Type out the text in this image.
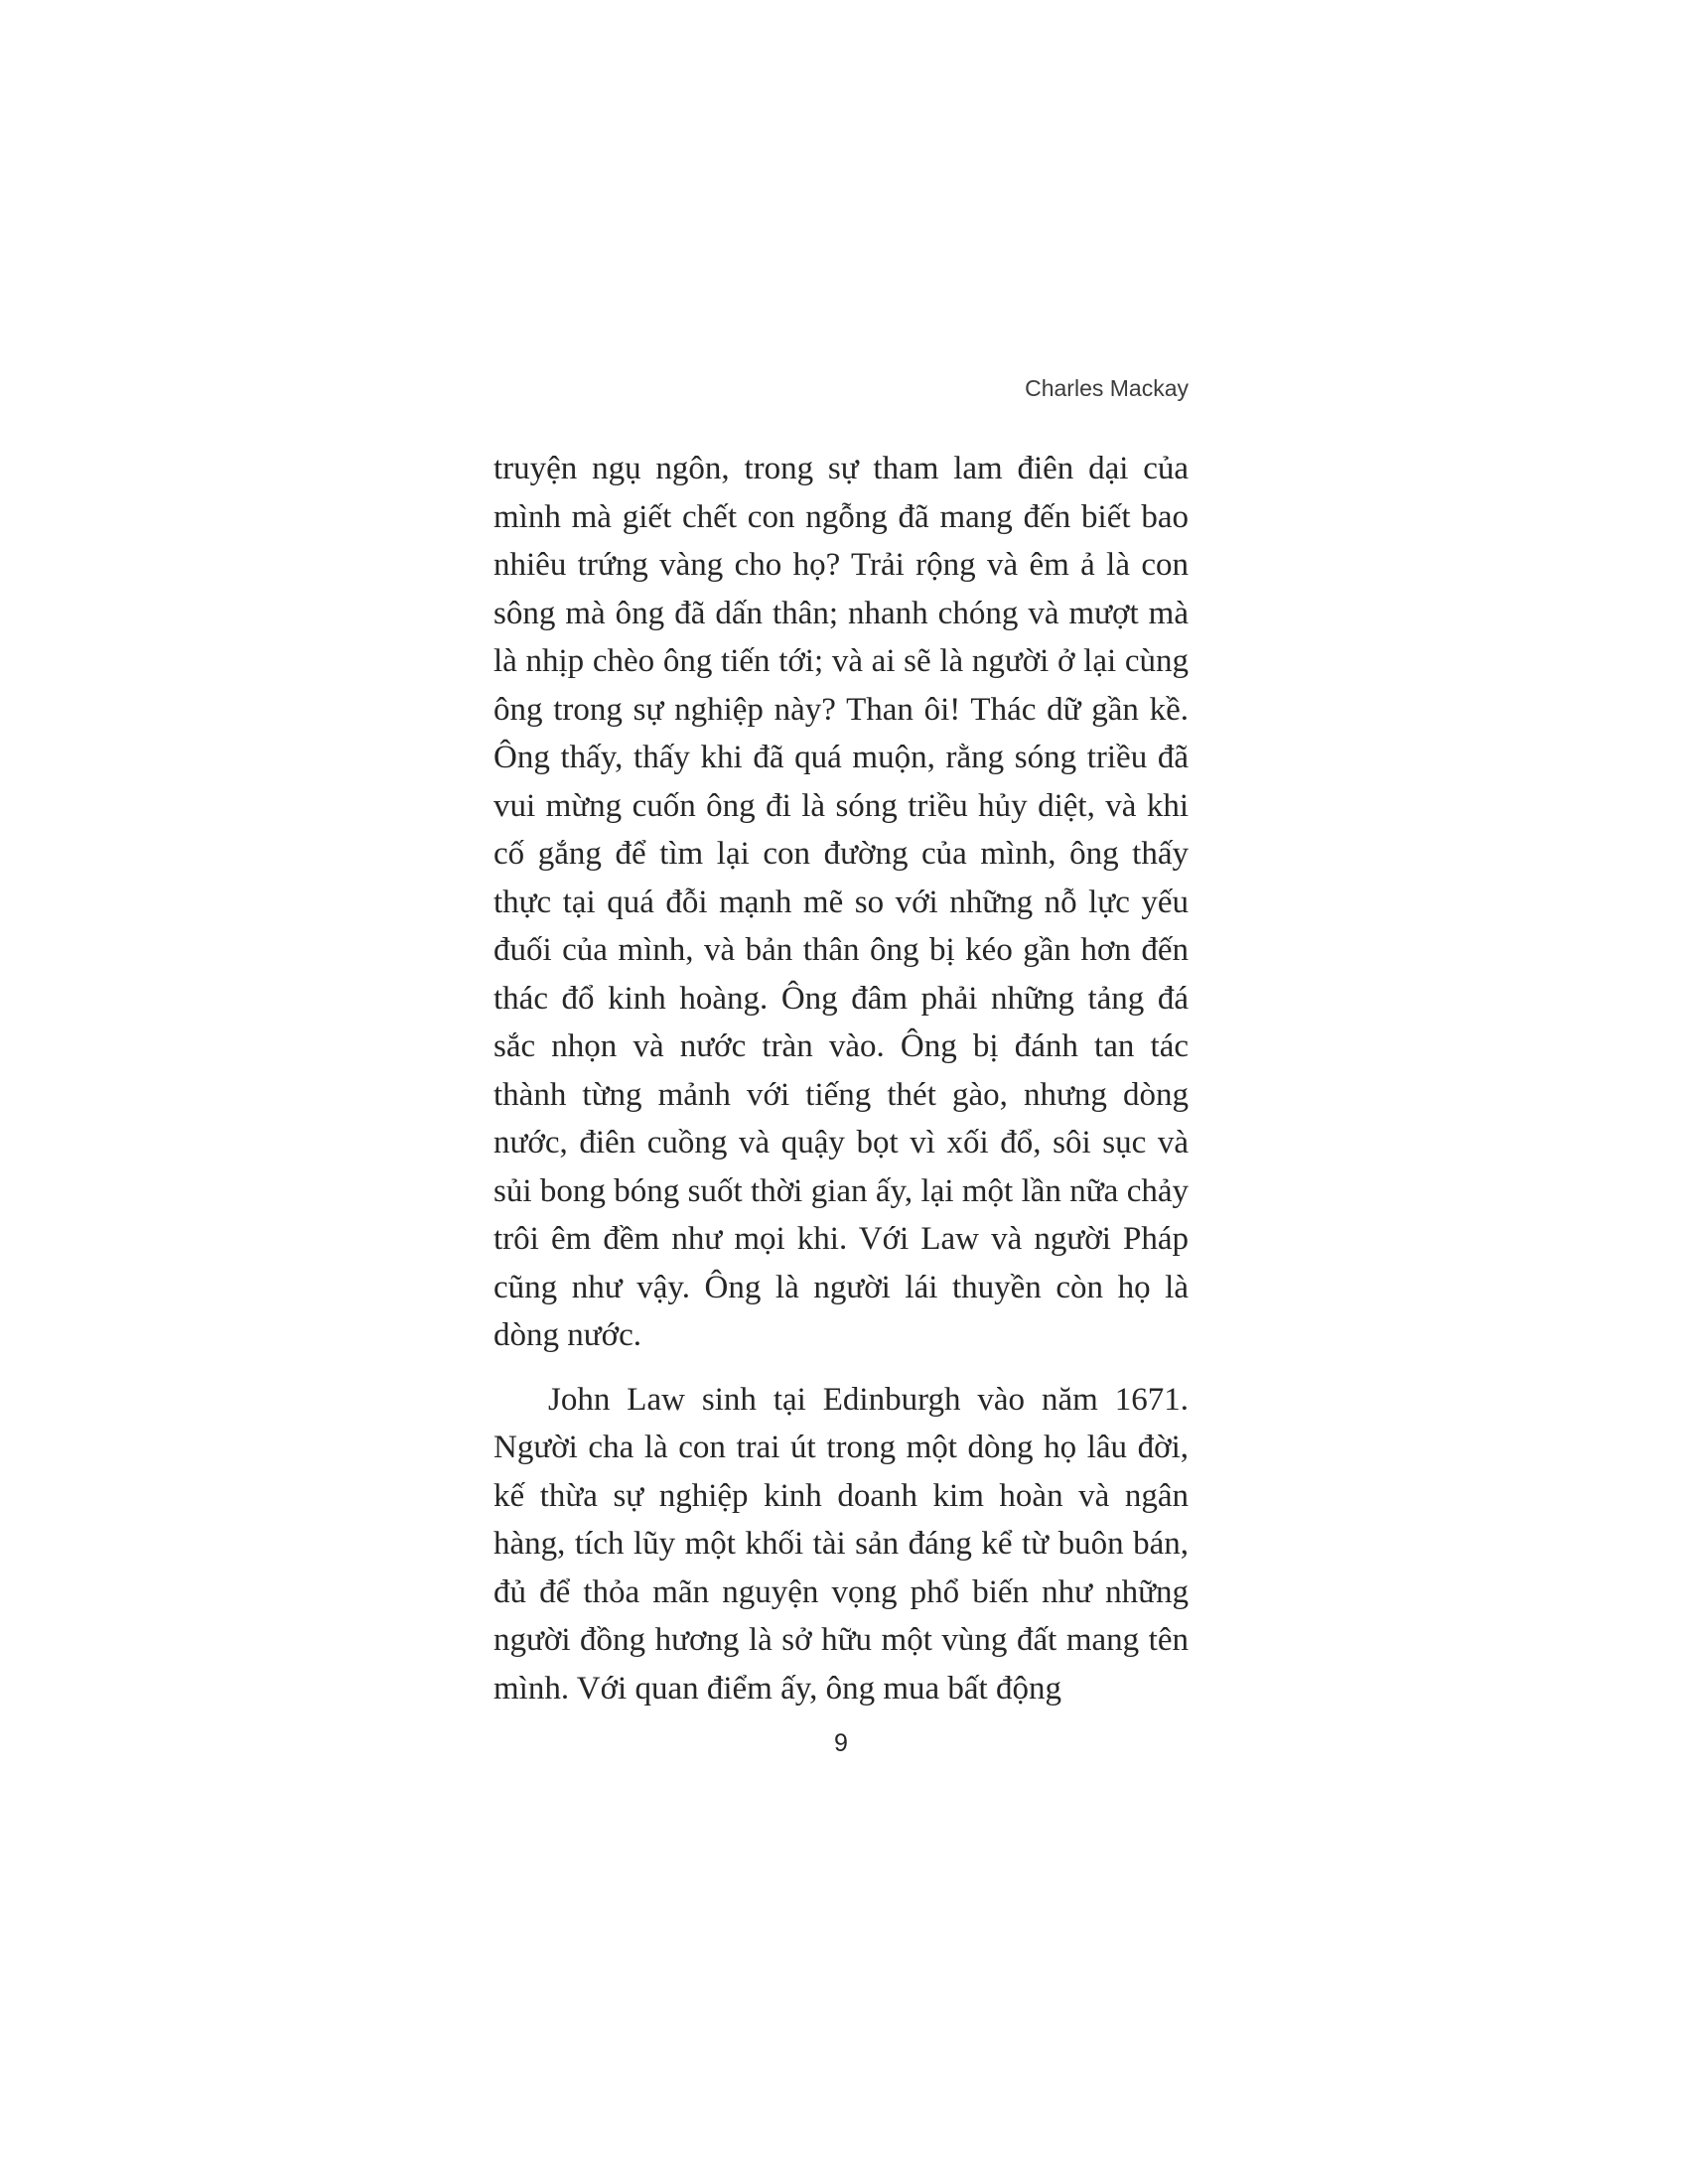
Charles Mackay

truyện ngụ ngôn, trong sự tham lam điên dại của mình mà giết chết con ngỗng đã mang đến biết bao nhiêu trứng vàng cho họ? Trải rộng và êm ả là con sông mà ông đã dấn thân; nhanh chóng và mượt mà là nhịp chèo ông tiến tới; và ai sẽ là người ở lại cùng ông trong sự nghiệp này? Than ôi! Thác dữ gần kề. Ông thấy, thấy khi đã quá muộn, rằng sóng triều đã vui mừng cuốn ông đi là sóng triều hủy diệt, và khi cố gắng để tìm lại con đường của mình, ông thấy thực tại quá đỗi mạnh mẽ so với những nỗ lực yếu đuối của mình, và bản thân ông bị kéo gần hơn đến thác đổ kinh hoàng. Ông đâm phải những tảng đá sắc nhọn và nước tràn vào. Ông bị đánh tan tác thành từng mảnh với tiếng thét gào, nhưng dòng nước, điên cuồng và quậy bọt vì xối đổ, sôi sục và sủi bong bóng suốt thời gian ấy, lại một lần nữa chảy trôi êm đềm như mọi khi. Với Law và người Pháp cũng như vậy. Ông là người lái thuyền còn họ là dòng nước.

John Law sinh tại Edinburgh vào năm 1671. Người cha là con trai út trong một dòng họ lâu đời, kế thừa sự nghiệp kinh doanh kim hoàn và ngân hàng, tích lũy một khối tài sản đáng kể từ buôn bán, đủ để thỏa mãn nguyện vọng phổ biến như những người đồng hương là sở hữu một vùng đất mang tên mình. Với quan điểm ấy, ông mua bất động

9
